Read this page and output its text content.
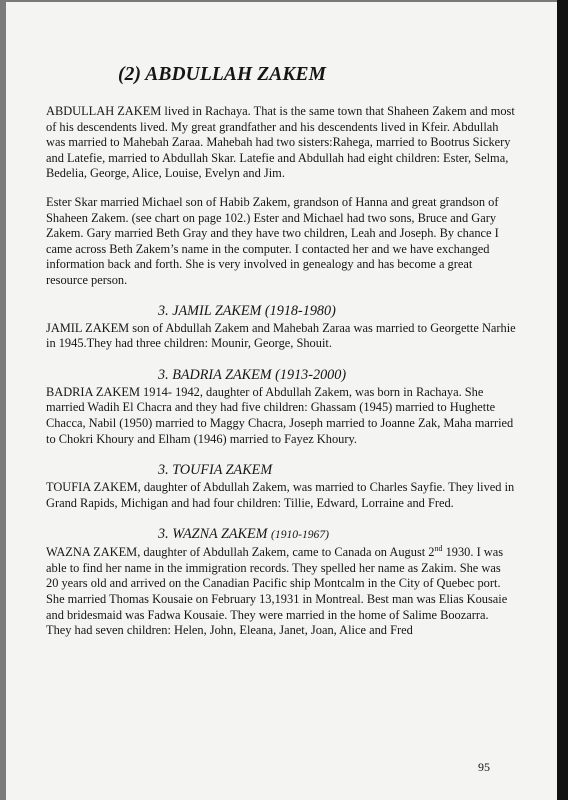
(2) ABDULLAH ZAKEM

ABDULLAH ZAKEM lived in Rachaya. That is the same town that Shaheen Zakem and most of his descendents lived. My great grandfather and his descendents lived in Kfeir. Abdullah was married to Mahebah Zaraa. Mahebah had two sisters:Rahega, married to Bootrus Sickery and Latefie, married to Abdullah Skar. Latefie and Abdullah had eight children: Ester, Selma, Bedelia, George, Alice, Louise, Evelyn and Jim.

Ester Skar married Michael son of Habib Zakem, grandson of Hanna and great grandson of Shaheen Zakem. (see chart on page 102.) Ester and Michael had two sons, Bruce and Gary Zakem. Gary married Beth Gray and they have two children, Leah and Joseph. By chance I came across Beth Zakem’s name in the computer. I contacted her and we have exchanged information back and forth. She is very involved in genealogy and has become a great resource person.

3. JAMIL ZAKEM (1918-1980)

JAMIL ZAKEM son of Abdullah Zakem and Mahebah Zaraa was married to Georgette Narhie in 1945.They had three children: Mounir, George, Shouit.

3. BADRIA ZAKEM (1913-2000)

BADRIA ZAKEM 1914- 1942, daughter of Abdullah Zakem, was born in Rachaya. She married Wadih El Chacra and they had five children: Ghassam (1945) married to Hughette Chacca, Nabil (1950) married to Maggy Chacra, Joseph married to Joanne Zak, Maha married to Chokri Khoury and Elham (1946) married to Fayez Khoury.

3. TOUFIA ZAKEM

TOUFIA ZAKEM, daughter of Abdullah Zakem, was married to Charles Sayfie. They lived in Grand Rapids, Michigan and had four children: Tillie, Edward, Lorraine and Fred.

3. WAZNA ZAKEM (1910-1967)

WAZNA ZAKEM, daughter of Abdullah Zakem, came to Canada on August 2nd 1930. I was able to find her name in the immigration records. They spelled her name as Zakim. She was 20 years old and arrived on the Canadian Pacific ship Montcalm in the City of Quebec port. She married Thomas Kousaie on February 13,1931 in Montreal. Best man was Elias Kousaie and bridesmaid was Fadwa Kousaie. They were married in the home of Salime Boozarra. They had seven children: Helen, John, Eleana, Janet, Joan, Alice and Fred

95
